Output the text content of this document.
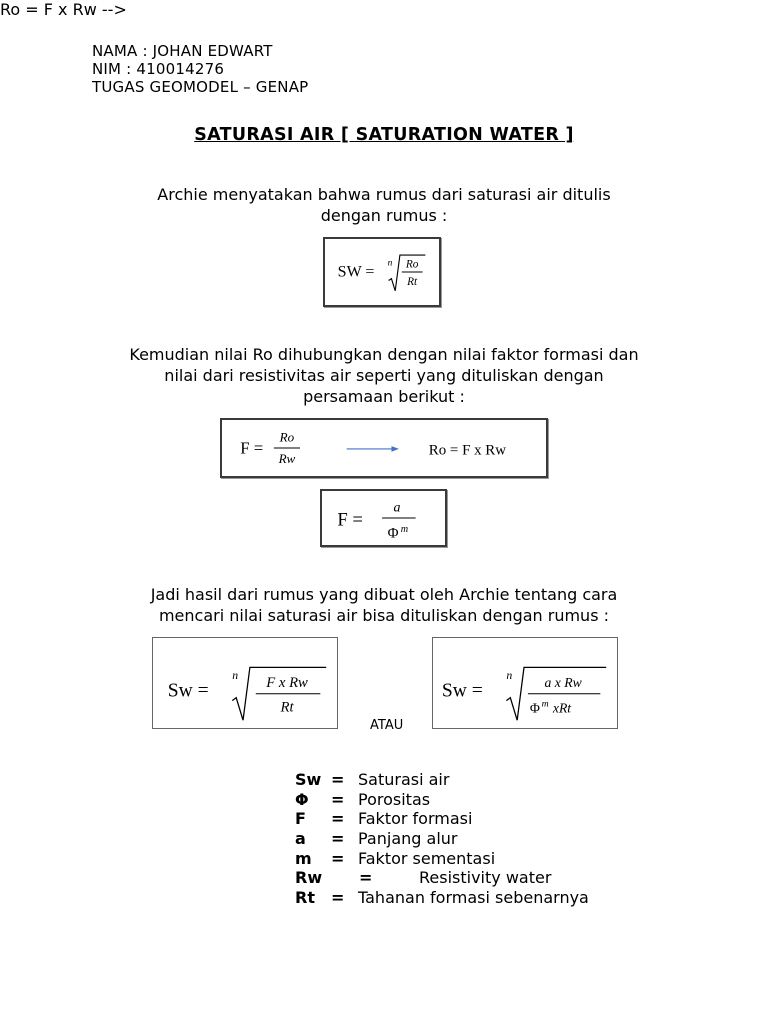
NAMA : JOHAN EDWART
NIM : 410014276
TUGAS GEOMODEL – GENAP
SATURASI AIR [ SATURATION WATER ]
Archie menyatakan bahwa rumus dari saturasi air ditulis
dengan rumus :
SW =
n Ro
Rt
Kemudian nilai Ro dihubungkan dengan nilai faktor formasi dan
nilai dari resistivitas air seperti yang dituliskan dengan
persamaan berikut :
Ro = F x Rw -->
F =
Ro
Rw	Ro = F x Rw
F =
a
Φ m
Jadi hasil dari rumus yang dibuat oleh Archie tentang cara
mencari nilai saturasi air bisa dituliskan dengan rumus :
Sw =
n F x Rw
Rt
ATAU
Sw =
n a x Rw
Φ m xRt
Sw = Saturasi air
Φ = Porositas
F = Faktor formasi
a = Panjang alur
m = Faktor sementasi
Rw =	Resistivity water
Rt = Tahanan formasi sebenarnya
